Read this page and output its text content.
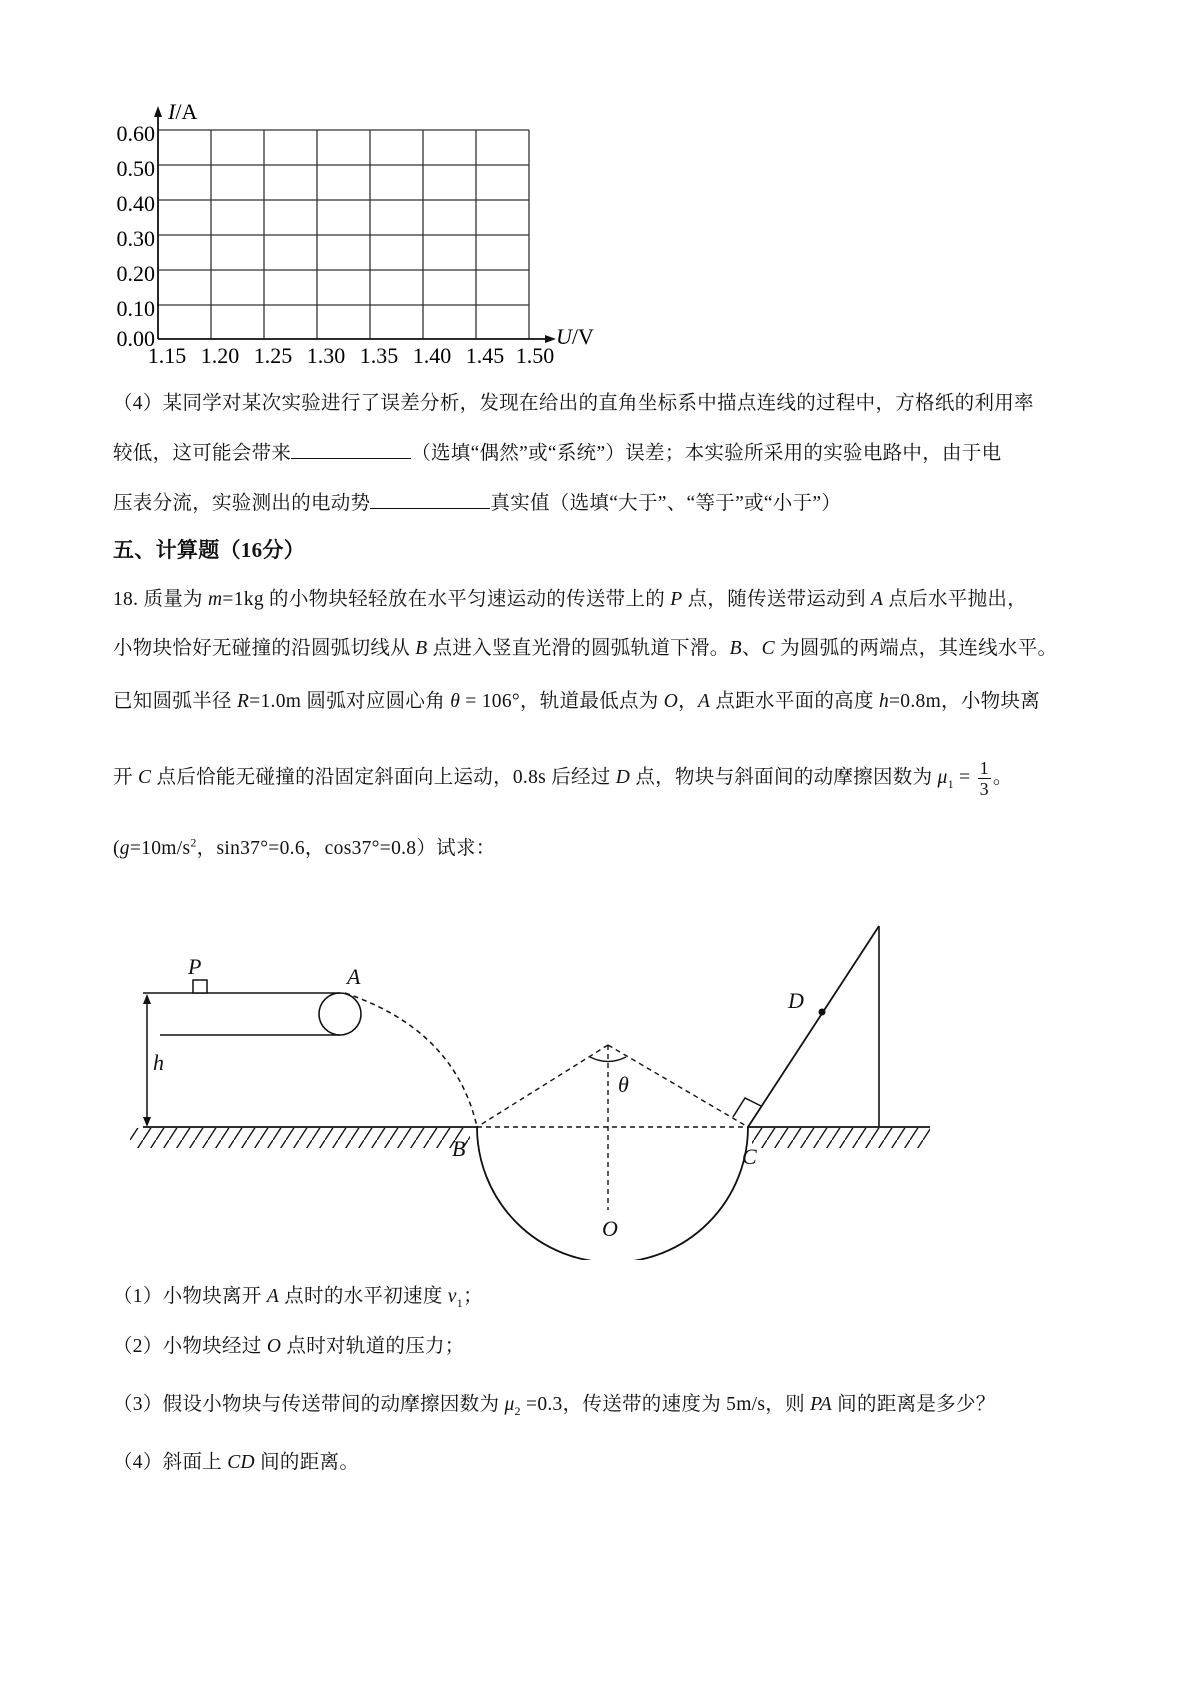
I/A
U/V
0.60
0.50
0.40
0.30
0.20
0.10
0.00
1.15 1.20 1.25 1.30 1.35 1.40 1.45 1.50
（4）某同学对某次实验进行了误差分析，发现在给出的直角坐标系中描点连线的过程中，方格纸的利用率
较低，这可能会带来	（选填“偶然”或“系统”）误差；本实验所采用的实验电路中，由于电
压表分流，实验测出的电动势	真实值（选填“大于”、“等于”或“小于”）
五、计算题（16分）
18. 质量为 m=1kg 的小物块轻轻放在水平匀速运动的传送带上的 P 点，随传送带运动到 A 点后水平抛出，
小物块恰好无碰撞的沿圆弧切线从 B 点进入竖直光滑的圆弧轨道下滑。B、C 为圆弧的两端点，其连线水平。
已知圆弧半径 R=1.0m 圆弧对应圆心角 θ = 106°，轨道最低点为 O，A 点距水平面的高度 h=0.8m，小物块离
开 C 点后恰能无碰撞的沿固定斜面向上运动，0.8s 后经过 D 点，物块与斜面间的动摩擦因数为 $\mu_1 = \frac{1}{3}$ 。
($g=10m/s^2$，sin37°=0.6，cos37°=0.8）试求：
P	A
h
B	C
O
D
θ
（1）小物块离开 A 点时的水平初速度 $v_1$；
（2）小物块经过 O 点时对轨道的压力；
（3）假设小物块与传送带间的动摩擦因数为 $\mu_2 =0.3$，传送带的速度为 5m/s，则 PA 间的距离是多少？
（4）斜面上 CD 间的距离。
